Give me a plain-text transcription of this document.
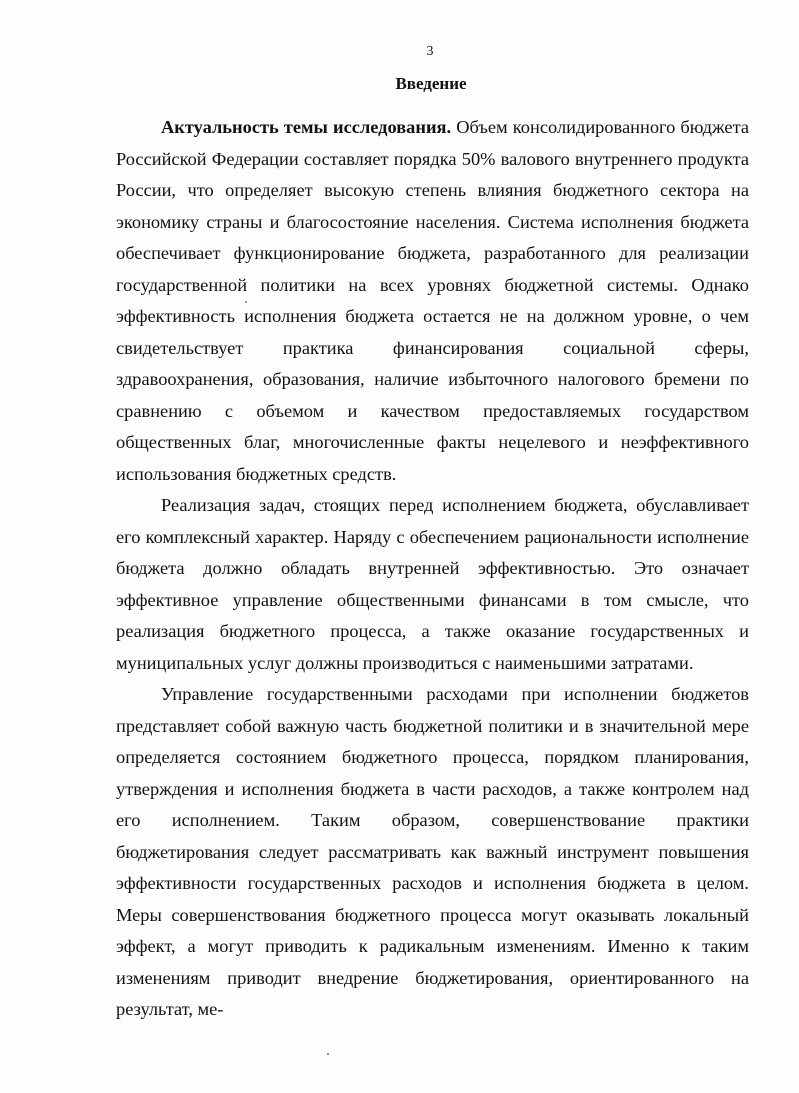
3
Введение

Актуальность темы исследования. Объем консолидированного бюджета Российской Федерации составляет порядка 50% валового внутреннего продукта России, что определяет высокую степень влияния бюджетного сектора на экономику страны и благосостояние населения. Система исполнения бюджета обеспечивает функционирование бюджета, разработанного для реализации государственной политики на всех уровнях бюджетной системы. Однако эффективность исполнения бюджета остается не на должном уровне, о чем свидетельствует практика финансирования социальной сферы, здравоохранения, образования, наличие избыточного налогового бремени по сравнению с объемом и качеством предоставляемых государством общественных благ, многочисленные факты нецелевого и неэффективного использования бюджетных средств.

Реализация задач, стоящих перед исполнением бюджета, обуславливает его комплексный характер. Наряду с обеспечением рациональности исполнение бюджета должно обладать внутренней эффективностью. Это означает эффективное управление общественными финансами в том смысле, что реализация бюджетного процесса, а также оказание государственных и муниципальных услуг должны производиться с наименьшими затратами.

Управление государственными расходами при исполнении бюджетов представляет собой важную часть бюджетной политики и в значительной мере определяется состоянием бюджетного процесса, порядком планирования, утверждения и исполнения бюджета в части расходов, а также контролем над его исполнением. Таким образом, совершенствование практики бюджетирования следует рассматривать как важный инструмент повышения эффективности государственных расходов и исполнения бюджета в целом. Меры совершенствования бюджетного процесса могут оказывать локальный эффект, а могут приводить к радикальным изменениям. Именно к таким изменениям приводит внедрение бюджетирования, ориентированного на результат, ме-
